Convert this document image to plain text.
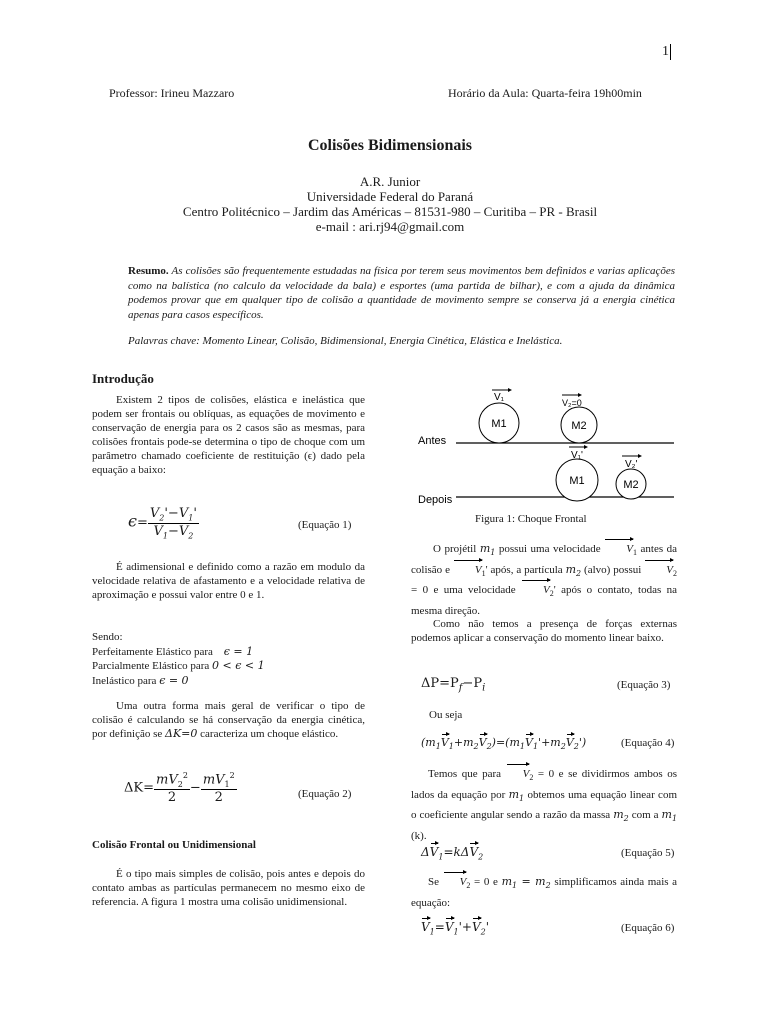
1
Professor: Irineu Mazzaro	Horário da Aula: Quarta-feira 19h00min
Colisões Bidimensionais
A.R. Junior
Universidade Federal do Paraná
Centro Politécnico – Jardim das Américas – 81531-980 – Curitiba – PR - Brasil
e-mail : ari.rj94@gmail.com
Resumo. As colisões são frequentemente estudadas na física por terem seus movimentos bem definidos e varias aplicações como na balística (no calculo da velocidade da bala) e esportes (uma partida de bilhar), e com a ajuda da dinâmica podemos provar que em qualquer tipo de colisão a quantidade de movimento sempre se conserva já a energia cinética apenas para casos específicos.
Palavras chave: Momento Linear, Colisão, Bidimensional, Energia Cinética, Elástica e Inelástica.
Introdução

Existem 2 tipos de colisões, elástica e inelástica que podem ser frontais ou oblíquas, as equações de movimento e conservação de energia para os 2 casos são as mesmas, para colisões frontais pode-se determina o tipo de choque com um parâmetro chamado coeficiente de restituição (ϵ) dado pela equação a baixo:

$\epsilon= \frac{V_2'-V_1'}{V_1-V_2}$	(Equação 1)

É adimensional e definido como a razão em modulo da velocidade relativa de afastamento e a velocidade relativa de aproximação e possui valor entre 0 e 1.

Sendo:
Perfeitamente Elástico para ϵ = 1
Parcialmente Elástico para 0 < ϵ < 1
Inelástico para ϵ = 0

Uma outra forma mais geral de verificar o tipo de colisão é calculando se há conservação da energia cinética, por definição se ΔK=0 caracteriza um choque elástico.

$\Delta K= \frac{mV_2^2}{2} - \frac{mV_1^2}{2}$	(Equação 2)
Colisão Frontal ou Unidimensional

É o tipo mais simples de colisão, pois antes e depois do contato ambas as partículas permanecem no mesmo eixo de referencia. A figura 1 mostra uma colisão unidimensional.

Antes
Depois
M1	M2
M1	M2
V₁	V₂=0
V₁'
V₂'
Figura 1: Choque Frontal

O projétil $m_1$ possui uma velocidade $V_1$ antes da colisão e $V_1'$ após, a partícula $m_2$ (alvo) possui $V_2 = 0$ e uma velocidade $V_2'$ após o contato, todas na mesma direção.

Como não temos a presença de forças externas podemos aplicar a conservação do momento linear baixo.

$\Delta P=P_f-P_i$	(Equação 3)
Ou seja
$(m_1V_1+m_2V_2)=(m_1V_1'+m_2V_2')$	(Equação 4)

Temos que para $V_2 = 0$ e se dividirmos ambos os lados da equação por $m_1$ obtemos uma equação linear com o coeficiente angular sendo a razão da massa $m_2$ com a $m_1$ (k).

$\Delta V_1=k\Delta V_2$	(Equação 5)

Se $V_2 = 0$ e $m_1 = m_2$ simplificamos ainda mais a equação:

$V_1=V_1'+V_2'$	(Equação 6)
